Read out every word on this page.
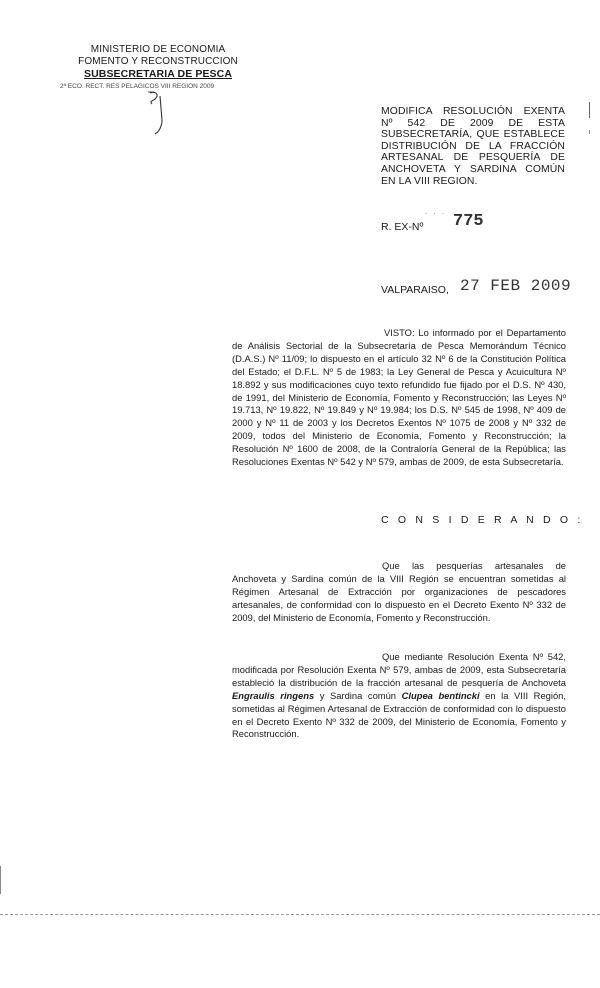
MINISTERIO DE ECONOMIA
FOMENTO Y RECONSTRUCCION
SUBSECRETARIA DE PESCA
2ª ECO. RECT. RES PELAGICOS VIII REGION 2009
MODIFICA RESOLUCIÓN EXENTA
Nº 542 DE 2009 DE ESTA
SUBSECRETARÍA, QUE ESTABLECE
DISTRIBUCIÓN DE LA FRACCIÓN
ARTESANAL DE PESQUERÍA DE
ANCHOVETA Y SARDINA COMÚN
EN LA VIII REGION.
R. EX-Nº
. . .
775
VALPARAISO, 27 FEB 2009
VISTO: Lo informado por el Departamento de Análisis Sectorial de la Subsecretaría de Pesca Memorándum Técnico (D.A.S.) Nº 11/09; lo dispuesto en el artículo 32 Nº 6 de la Constitución Política del Estado; el D.F.L. Nº 5 de 1983; la Ley General de Pesca y Acuicultura Nº 18.892 y sus modificaciones cuyo texto refundido fue fijado por el D.S. Nº 430, de 1991, del Ministerio de Economía, Fomento y Reconstrucción; las Leyes Nº 19.713, Nº 19.822, Nº 19.849 y Nº 19.984; los D.S. Nº 545 de 1998, Nº 409 de 2000 y Nº 11 de 2003 y los Decretos Exentos Nº 1075 de 2008 y Nº 332 de 2009, todos del Ministerio de Economía, Fomento y Reconstrucción; la Resolución Nº 1600 de 2008, de la Contraloría General de la República; las Resoluciones Exentas Nº 542 y Nº 579, ambas de 2009, de esta Subsecretaría.
C O N S I D E R A N D O :
Que las pesquerías artesanales de Anchoveta y Sardina común de la VIII Región se encuentran sometidas al Régimen Artesanal de Extracción por organizaciones de pescadores artesanales, de conformidad con lo dispuesto en el Decreto Exento Nº 332 de 2009, del Ministerio de Economía, Fomento y Reconstrucción.
Que mediante Resolución Exenta Nº 542, modificada por Resolución Exenta Nº 579, ambas de 2009, esta Subsecretaría estableció la distribución de la fracción artesanal de pesquería de Anchoveta Engraulis ringens y Sardina común Clupea bentincki en la VIII Región, sometidas al Régimen Artesanal de Extracción de conformidad con lo dispuesto en el Decreto Exento Nº 332 de 2009, del Ministerio de Economía, Fomento y Reconstrucción.
